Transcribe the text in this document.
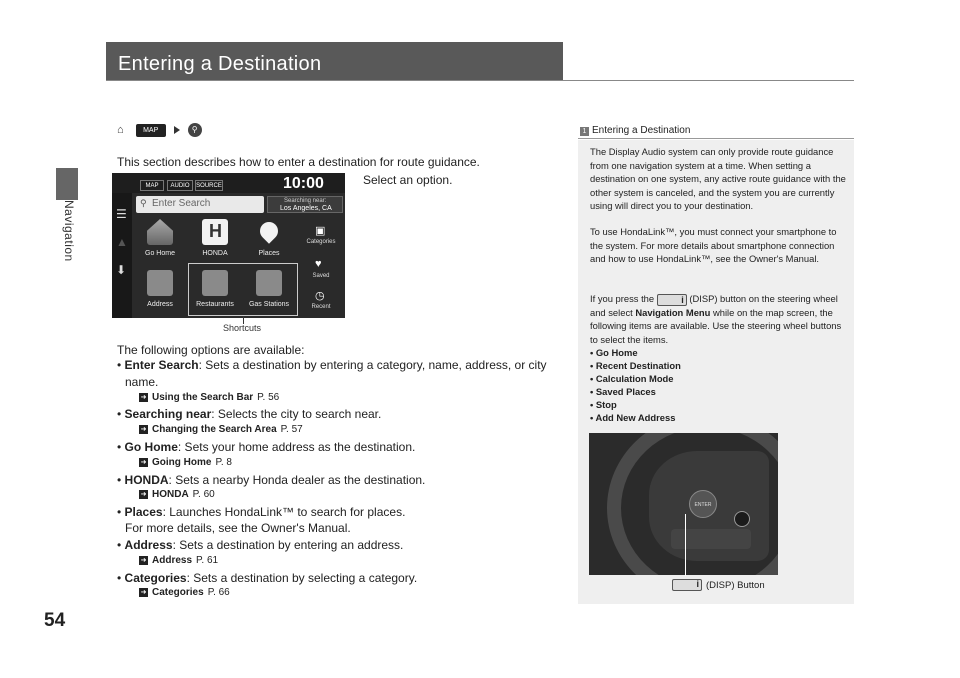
Navigation
54
Entering a Destination
⌂	MAP	⚲
This section describes how to enter a destination for route guidance.
Select an option.
MAP	AUDIO	SOURCE	10:00
☰
▲
⬇
⚲ Enter Search	Searching near:
Los Angeles, CA
Go Home
H	HONDA	Places
Address	Restaurants	Gas Stations
▣
Categories
♥
Saved
◷
Recent
Shortcuts
The following options are available:
• Enter Search: Sets a destination by entering a category, name, address, or city
name.
➜ Using the Search Bar P. 56
• Searching near: Selects the city to search near.
➜ Changing the Search Area P. 57
• Go Home: Sets your home address as the destination.
➜ Going Home P. 8
• HONDA: Sets a nearby Honda dealer as the destination.
➜ HONDA P. 60
• Places: Launches HondaLink™ to search for places.
For more details, see the Owner's Manual.
• Address: Sets a destination by entering an address.
➜ Address P. 61
• Categories: Sets a destination by selecting a category.
➜ Categories P. 66
1 Entering a Destination
The Display Audio system can only provide route guidance from one navigation system at a time. When setting a destination on one system, any active route guidance with the other system is canceled, and the system you are currently using will direct you to your destination.
To use HondaLink™, you must connect your smartphone to the system. For more details about smartphone connection and how to use HondaLink™, see the Owner's Manual.
If you press the i	(DISP) button on the steering wheel and select Navigation Menu while on the map screen, the following items are available. Use the steering wheel buttons to select the items.
• Go Home
• Recent Destination
• Calculation Mode
• Saved Places
• Stop
• Add New Address
ENTER
i
(DISP) Button
